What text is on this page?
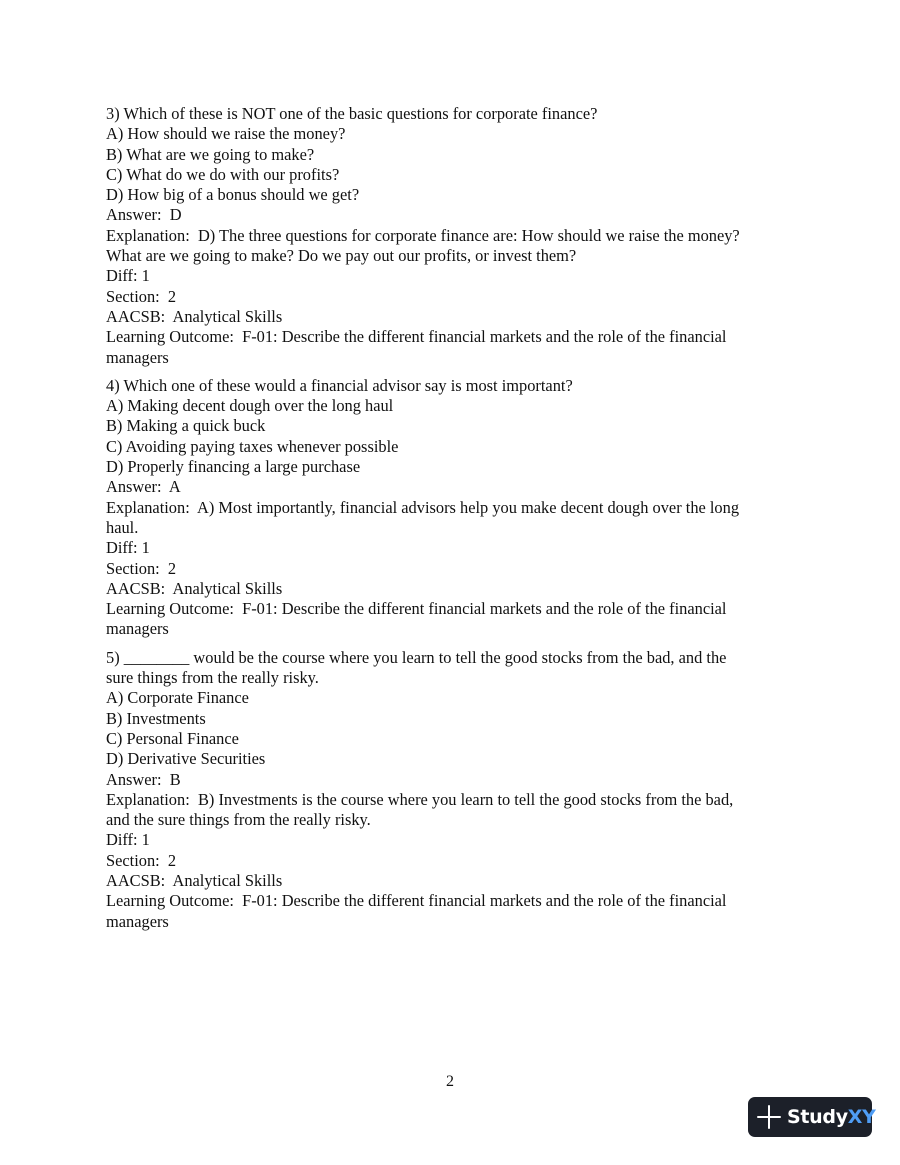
3) Which of these is NOT one of the basic questions for corporate finance?
A) How should we raise the money?
B) What are we going to make?
C) What do we do with our profits?
D) How big of a bonus should we get?
Answer:  D
Explanation:  D) The three questions for corporate finance are: How should we raise the money?
What are we going to make? Do we pay out our profits, or invest them?
Diff: 1
Section:  2
AACSB:  Analytical Skills
Learning Outcome:  F-01: Describe the different financial markets and the role of the financial
managers
4) Which one of these would a financial advisor say is most important?
A) Making decent dough over the long haul
B) Making a quick buck
C) Avoiding paying taxes whenever possible
D) Properly financing a large purchase
Answer:  A
Explanation:  A) Most importantly, financial advisors help you make decent dough over the long
haul.
Diff: 1
Section:  2
AACSB:  Analytical Skills
Learning Outcome:  F-01: Describe the different financial markets and the role of the financial
managers
5) ________ would be the course where you learn to tell the good stocks from the bad, and the
sure things from the really risky.
A) Corporate Finance
B) Investments
C) Personal Finance
D) Derivative Securities
Answer:  B
Explanation:  B) Investments is the course where you learn to tell the good stocks from the bad,
and the sure things from the really risky.
Diff: 1
Section:  2
AACSB:  Analytical Skills
Learning Outcome:  F-01: Describe the different financial markets and the role of the financial
managers
2
StudyXY
